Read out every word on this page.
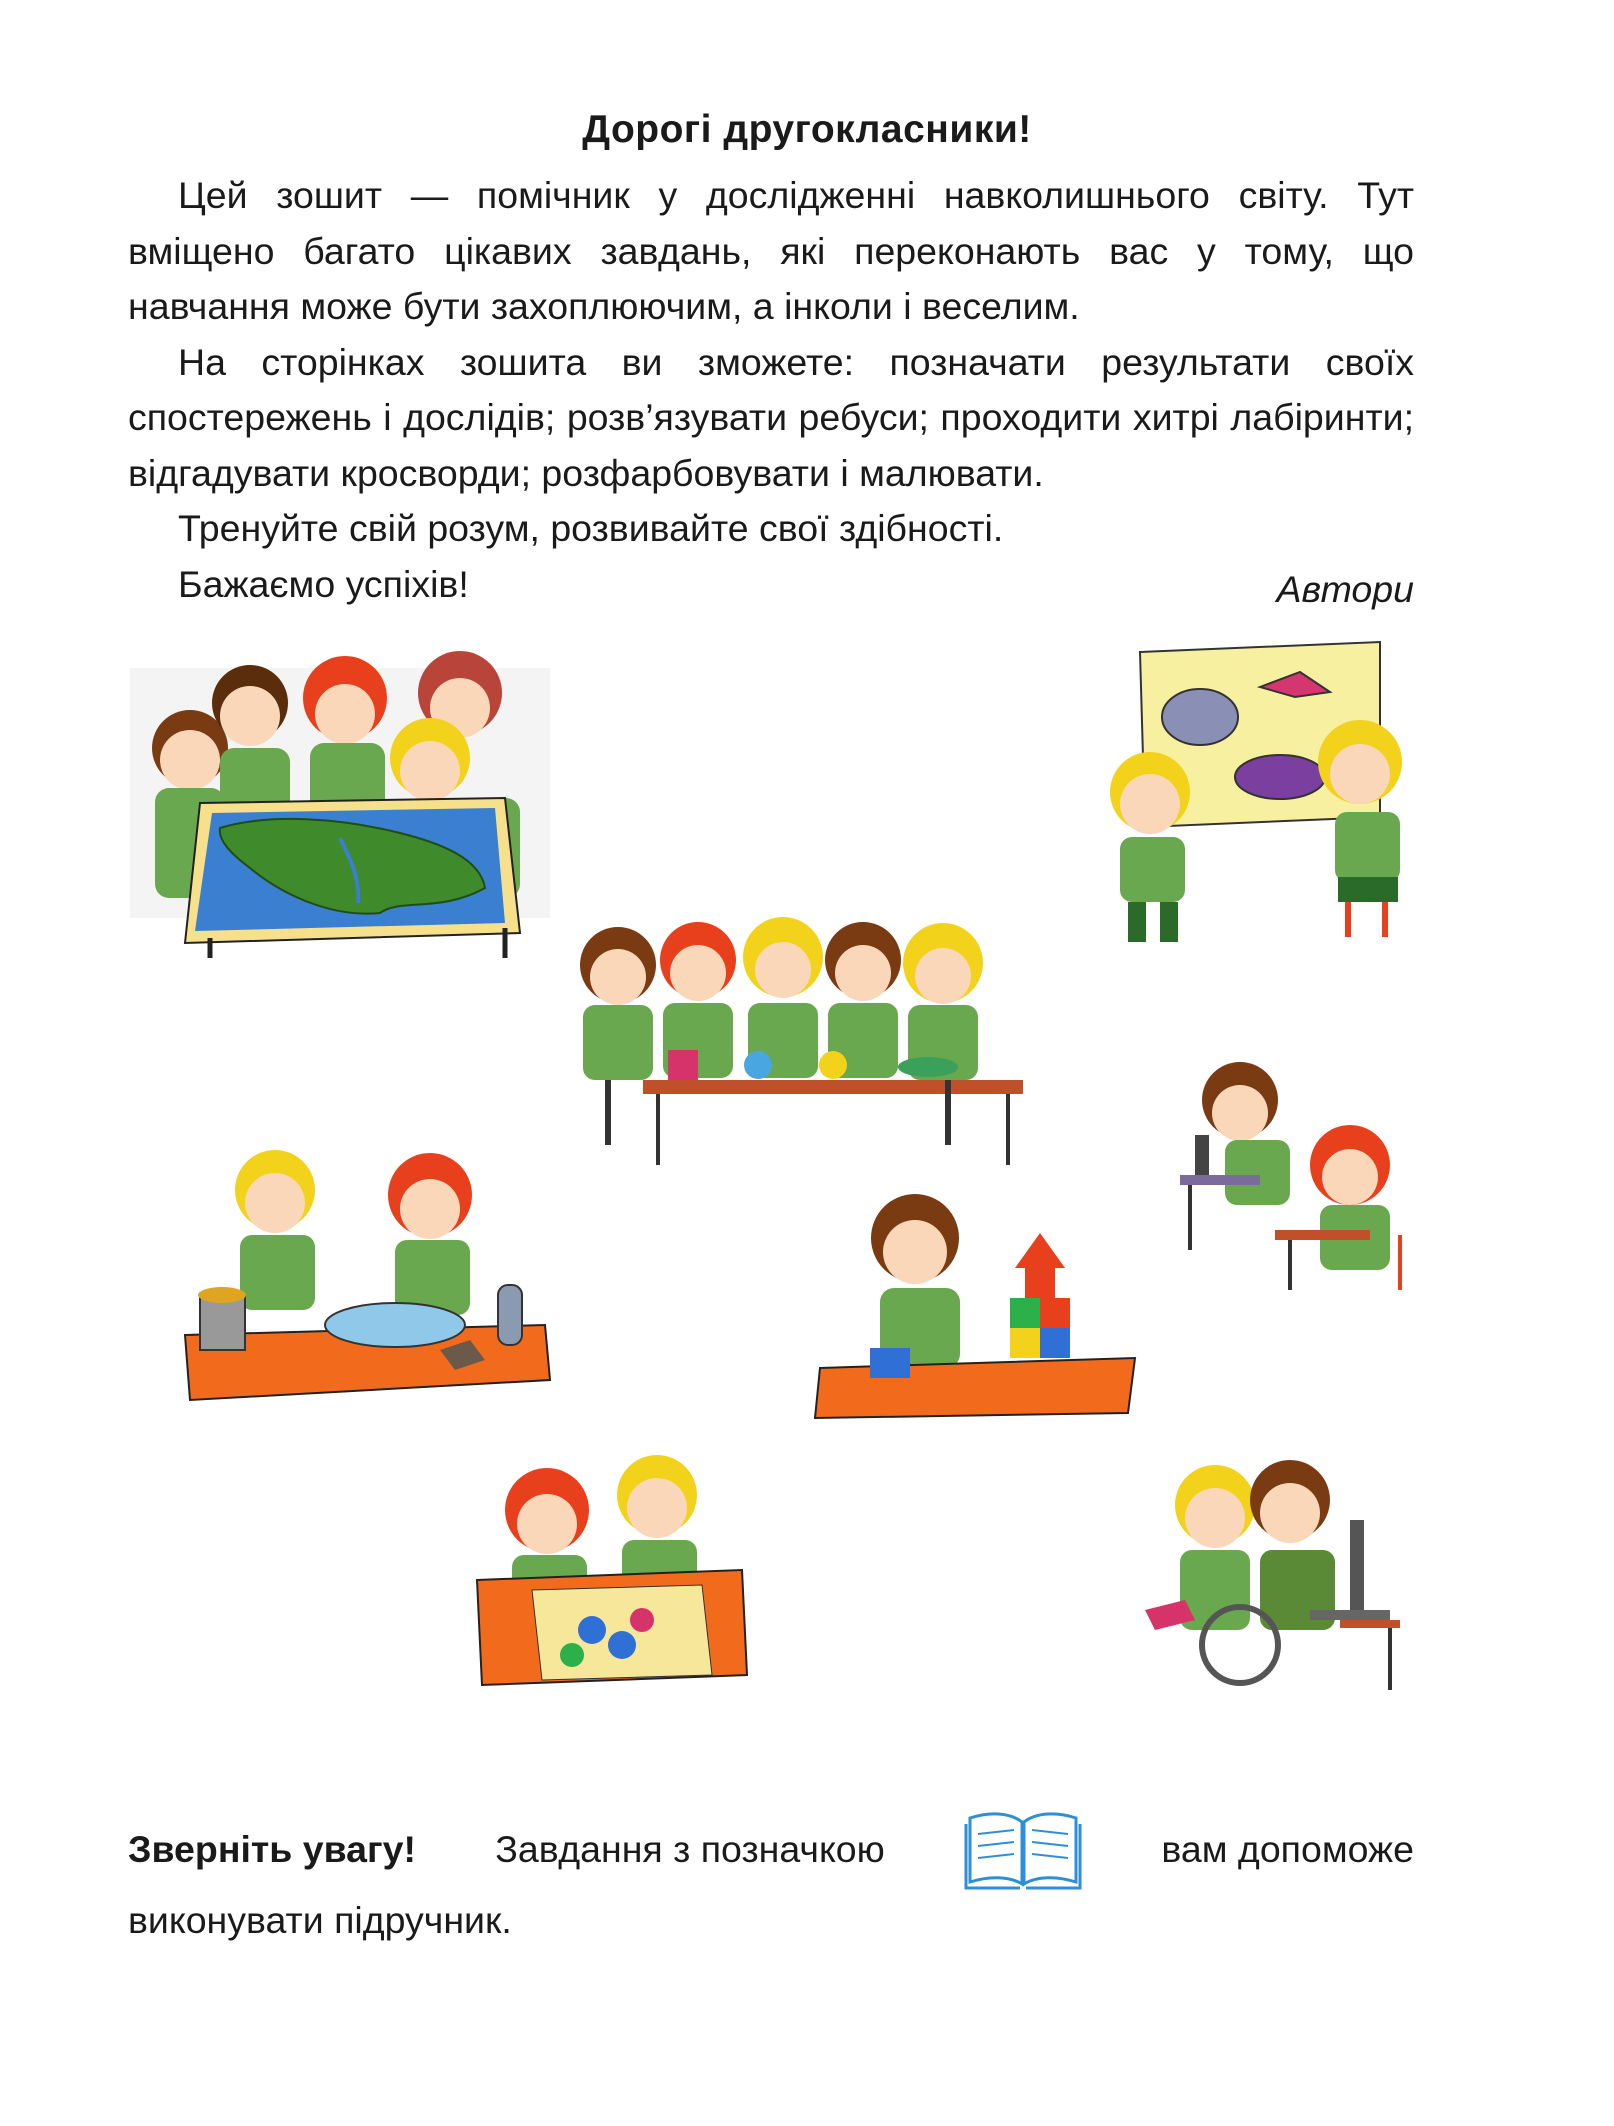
Дорогі другокласники!

Цей зошит — помічник у дослідженні навколишнього світу. Тут вміщено багато цікавих завдань, які переконають вас у тому, що навчання може бути захоплюючим, а інколи і веселим.

На сторінках зошита ви зможете: позначати результати своїх спостережень і дослідів; розв’язувати ребуси; проходити хитрі лабіринти; відгадувати кросворди; розфарбовувати і малювати.

Тренуйте свій розум, розвивайте свої здібності.

Бажаємо успіхів!	Автори
Зверніть увагу! Завдання з позначкою	вам допоможе
виконувати підручник.
